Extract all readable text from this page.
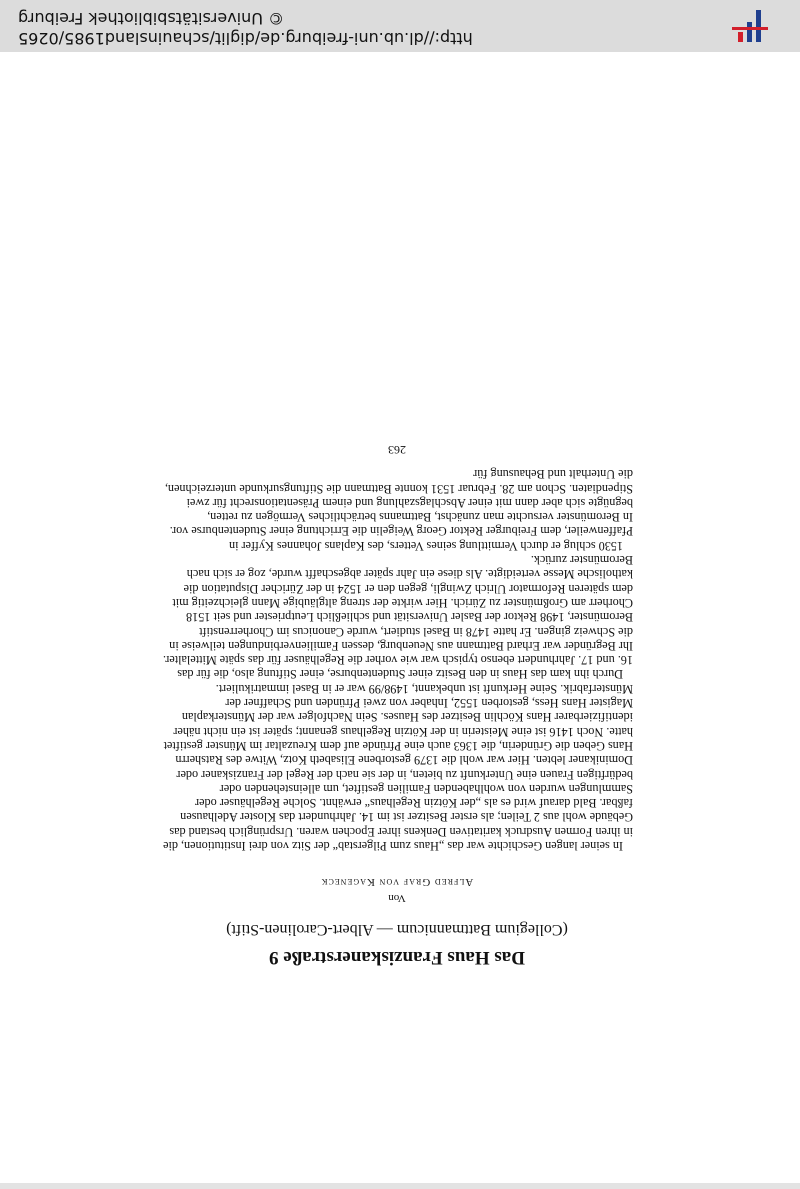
Das Haus Franziskanerstraße 9

(Collegium Battmannicum — Albert-Carolinen-Stift)

Von

Alfred Graf von Kageneck

In seiner langen Geschichte war das „Haus zum Pilgerstab“ der Sitz von drei Institutionen, die in ihren Formen Ausdruck karitativen Denkens ihrer Epochen waren. Ursprünglich bestand das Gebäude wohl aus 2 Teilen; als erster Besitzer ist im 14. Jahrhundert das Kloster Adelhausen faßbar. Bald darauf wird es als „der Kötzin Regelhaus“ erwähnt. Solche Regelhäuser oder Sammlungen wurden von wohlhabenden Familien gestiftet, um alleinstehenden oder bedürftigen Frauen eine Unterkunft zu bieten, in der sie nach der Regel der Franziskaner oder Dominikaner lebten. Hier war wohl die 1379 gestorbene Elisabeth Kotz, Witwe des Ratsherrn Hans Geben die Gründerin, die 1363 auch eine Pfründe auf dem Kreuzaltar im Münster gestiftet hatte. Noch 1416 ist eine Meisterin in der Kötzin Regelhaus genannt; später ist ein nicht näher identifizierbarer Hans Köchlin Besitzer des Hauses. Sein Nachfolger war der Münsterkaplan Magister Hans Hess, gestorben 1552, Inhaber von zwei Pfründen und Schaffner der Münsterfabrik. Seine Herkunft ist unbekannt, 1498/99 war er in Basel immatrikuliert.

Durch ihn kam das Haus in den Besitz einer Studentenburse, einer Stiftung also, die für das 16. und 17. Jahrhundert ebenso typisch war wie vorher die Regelhäuser für das späte Mittelalter. Ihr Begründer war Erhard Battmann aus Neuenburg, dessen Familienverbindungen teilweise in die Schweiz gingen. Er hatte 1478 in Basel studiert, wurde Canonicus im Chorherrenstift Beromünster, 1498 Rektor der Basler Universität und schließlich Leutpriester und seit 1518 Chorherr am Großmünster zu Zürich. Hier wirkte der streng altgläubige Mann gleichzeitig mit dem späteren Reformator Ulrich Zwingli, gegen den er 1524 in der Züricher Disputation die katholische Messe verteidigte. Als diese ein Jahr später abgeschafft wurde, zog er sich nach Beromünster zurück.

1530 schlug er durch Vermittlung seines Vetters, des Kaplans Johannes Kyffer in Pfaffenweiler, dem Freiburger Rektor Georg Weigelin die Errichtung einer Studentenburse vor. In Beromünster versuchte man zunächst, Battmanns beträchtliches Vermögen zu retten, begnügte sich aber dann mit einer Abschlagszahlung und einem Präsentationsrecht für zwei Stipendiaten. Schon am 28. Februar 1531 konnte Battmann die Stiftungsurkunde unterzeichnen, die Unterhalt und Behausung für

263
http://dl.ub.uni-freiburg.de/diglit/schauinsland1985/0265
© Universitätsbibliothek Freiburg
